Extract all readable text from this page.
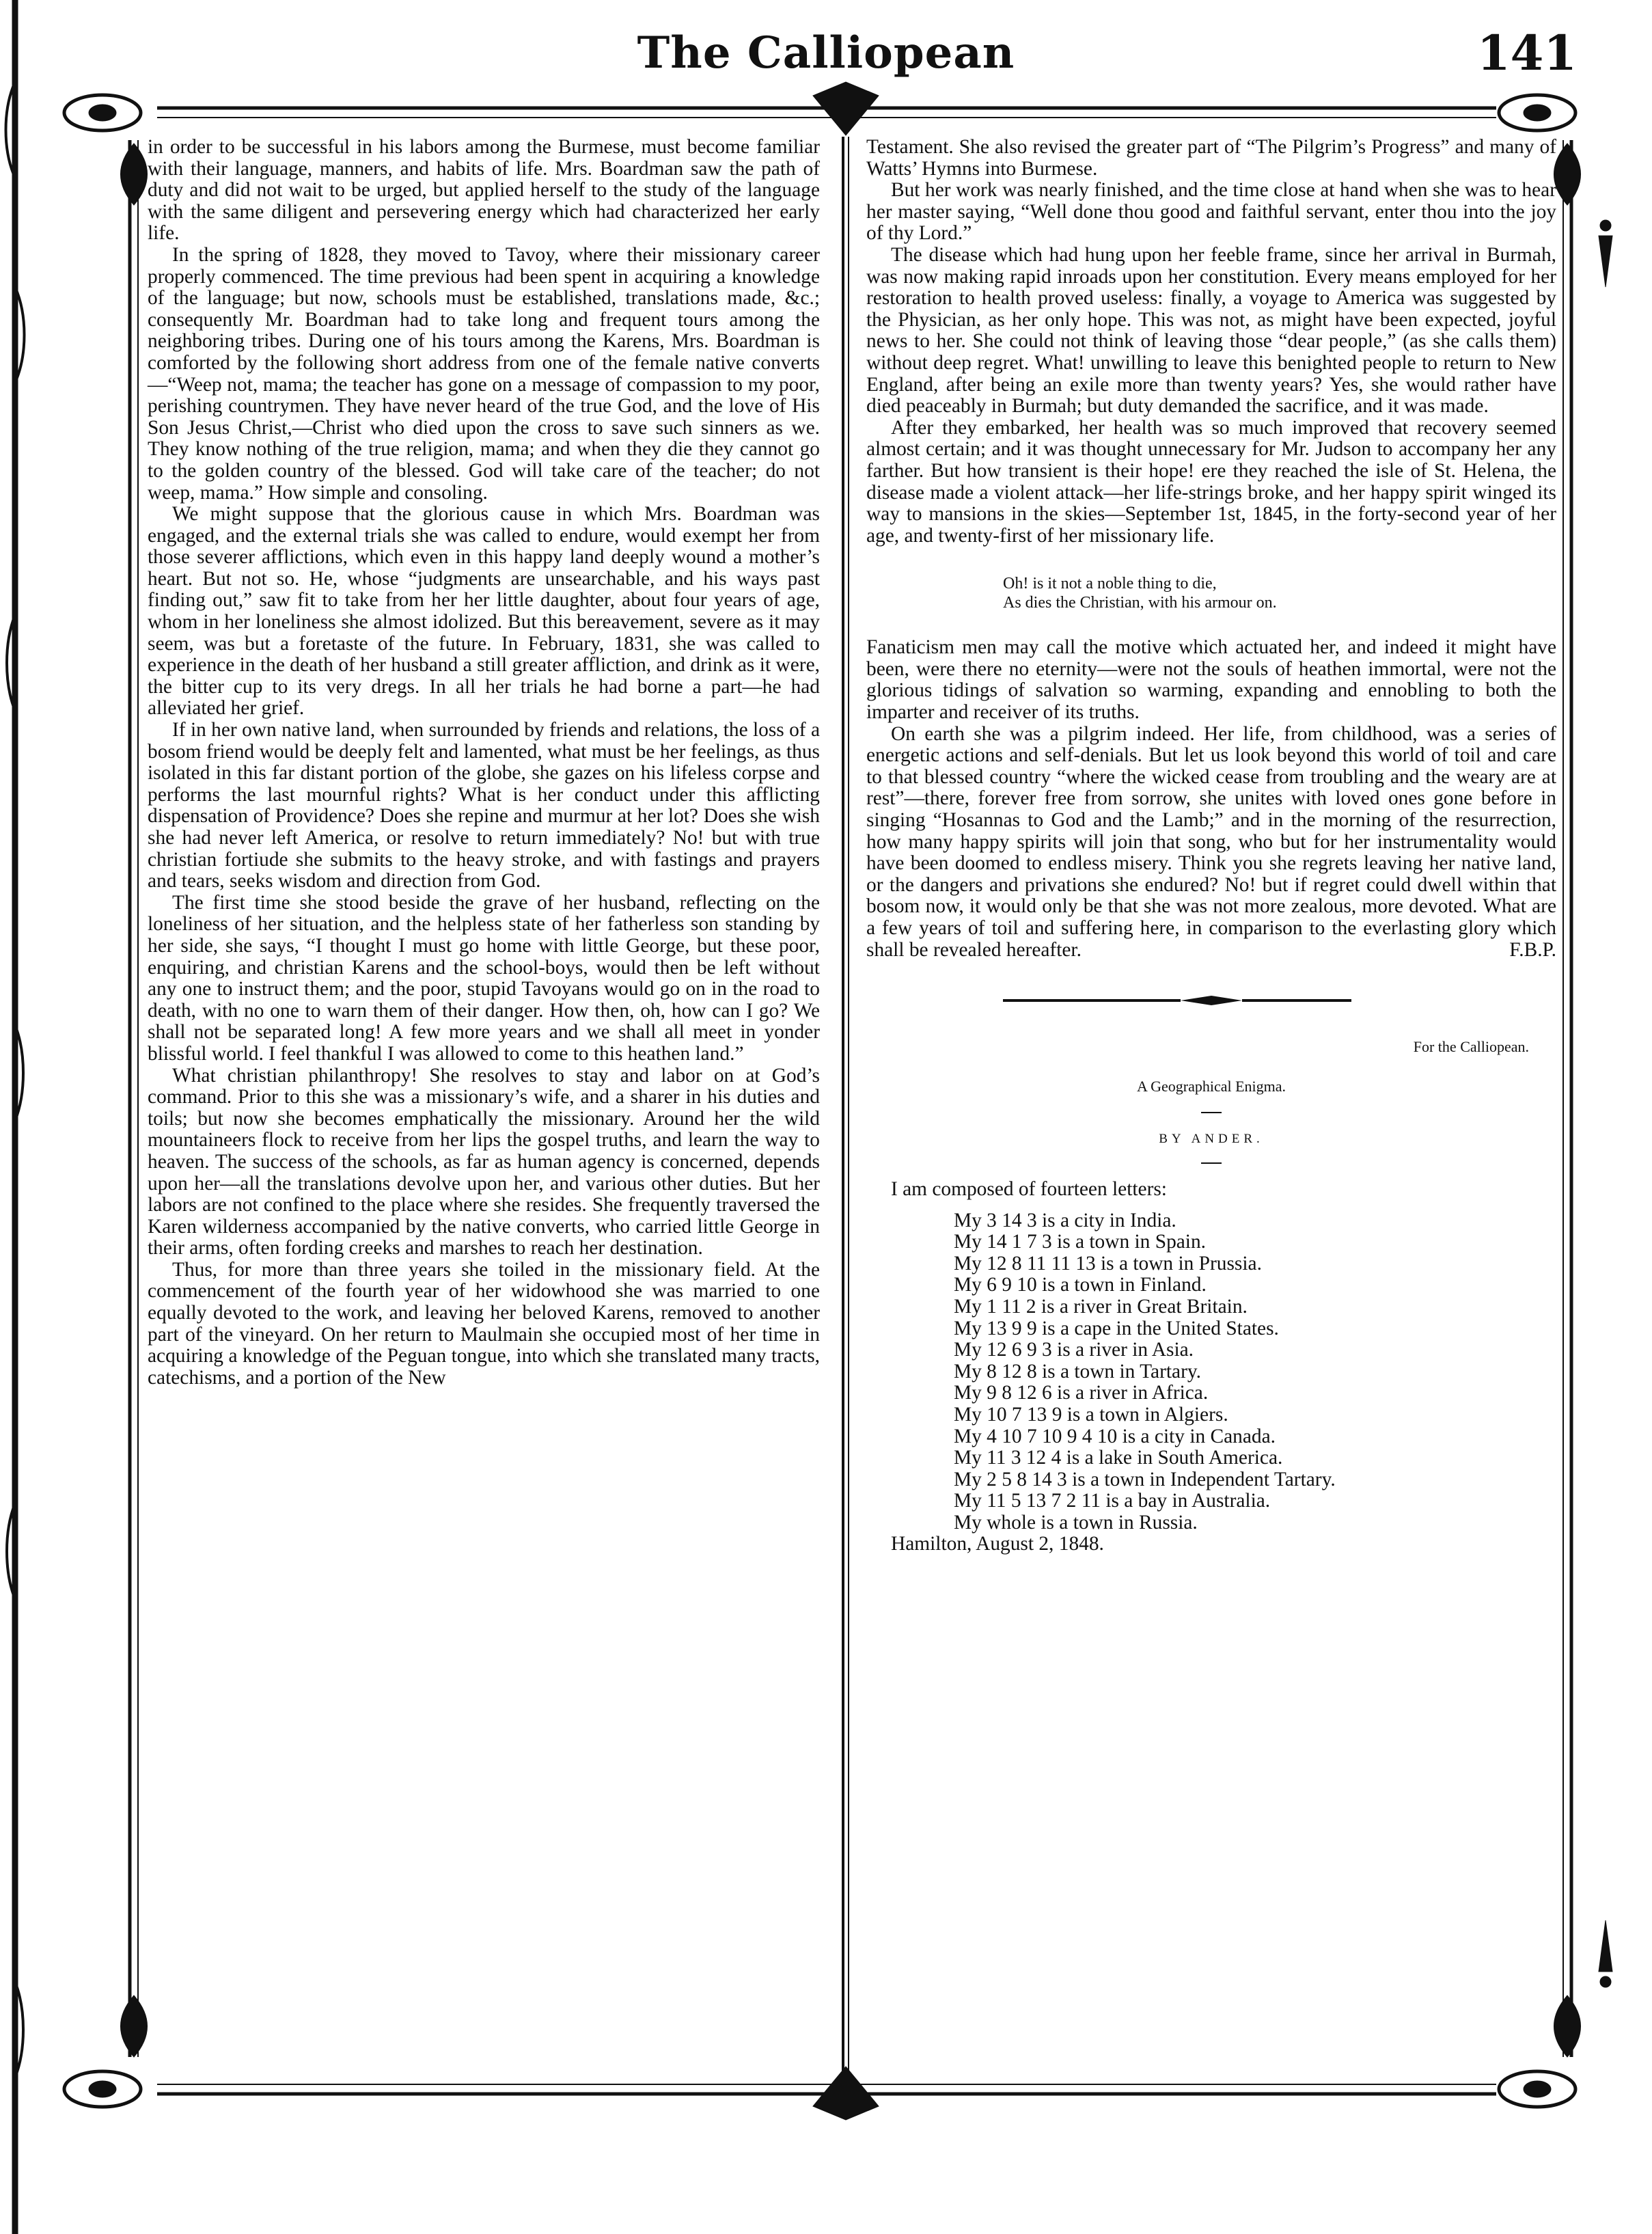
The Calliopean	141

in order to be successful in his labors among the Burmese, must become familiar with their language, manners, and habits of life. Mrs. Boardman saw the path of duty and did not wait to be urged, but applied herself to the study of the language with the same diligent and persevering energy which had characterized her early life.

In the spring of 1828, they moved to Tavoy, where their missionary career properly commenced. The time previous had been spent in acquiring a knowledge of the language; but now, schools must be established, translations made, &c.; consequently Mr. Boardman had to take long and frequent tours among the neighboring tribes. During one of his tours among the Karens, Mrs. Boardman is comforted by the following short address from one of the female native converts—“Weep not, mama; the teacher has gone on a message of compassion to my poor, perishing countrymen. They have never heard of the true God, and the love of His Son Jesus Christ,—Christ who died upon the cross to save such sinners as we. They know nothing of the true religion, mama; and when they die they cannot go to the golden country of the blessed. God will take care of the teacher; do not weep, mama.” How simple and consoling.

We might suppose that the glorious cause in which Mrs. Boardman was engaged, and the external trials she was called to endure, would exempt her from those severer afflictions, which even in this happy land deeply wound a mother’s heart. But not so. He, whose “judgments are unsearchable, and his ways past finding out,” saw fit to take from her her little daughter, about four years of age, whom in her loneliness she almost idolized. But this bereavement, severe as it may seem, was but a foretaste of the future. In February, 1831, she was called to experience in the death of her husband a still greater affliction, and drink as it were, the bitter cup to its very dregs. In all her trials he had borne a part—he had alleviated her grief.

If in her own native land, when surrounded by friends and relations, the loss of a bosom friend would be deeply felt and lamented, what must be her feelings, as thus isolated in this far distant portion of the globe, she gazes on his lifeless corpse and performs the last mournful rights? What is her conduct under this afflicting dispensation of Providence? Does she repine and murmur at her lot? Does she wish she had never left America, or resolve to return immediately? No! but with true christian fortiude she submits to the heavy stroke, and with fastings and prayers and tears, seeks wisdom and direction from God.

The first time she stood beside the grave of her husband, reflecting on the loneliness of her situation, and the helpless state of her fatherless son standing by her side, she says, “I thought I must go home with little George, but these poor, enquiring, and christian Karens and the school-boys, would then be left without any one to instruct them; and the poor, stupid Tavoyans would go on in the road to death, with no one to warn them of their danger. How then, oh, how can I go? We shall not be separated long! A few more years and we shall all meet in yonder blissful world. I feel thankful I was allowed to come to this heathen land.”

What christian philanthropy! She resolves to stay and labor on at God’s command. Prior to this she was a missionary’s wife, and a sharer in his duties and toils; but now she becomes emphatically the missionary. Around her the wild mountaineers flock to receive from her lips the gospel truths, and learn the way to heaven. The success of the schools, as far as human agency is concerned, depends upon her—all the translations devolve upon her, and various other duties. But her labors are not confined to the place where she resides. She frequently traversed the Karen wilderness accompanied by the native converts, who carried little George in their arms, often fording creeks and marshes to reach her destination.

Thus, for more than three years she toiled in the missionary field. At the commencement of the fourth year of her widowhood she was married to one equally devoted to the work, and leaving her beloved Karens, removed to another part of the vineyard. On her return to Maulmain she occupied most of her time in acquiring a knowledge of the Peguan tongue, into which she translated many tracts, catechisms, and a portion of the New

Testament. She also revised the greater part of “The Pilgrim’s Progress” and many of Watts’ Hymns into Burmese.

But her work was nearly finished, and the time close at hand when she was to hear her master saying, “Well done thou good and faithful servant, enter thou into the joy of thy Lord.”

The disease which had hung upon her feeble frame, since her arrival in Burmah, was now making rapid inroads upon her constitution. Every means employed for her restoration to health proved useless: finally, a voyage to America was suggested by the Physician, as her only hope. This was not, as might have been expected, joyful news to her. She could not think of leaving those “dear people,” (as she calls them) without deep regret. What! unwilling to leave this benighted people to return to New England, after being an exile more than twenty years? Yes, she would rather have died peaceably in Burmah; but duty demanded the sacrifice, and it was made.

After they embarked, her health was so much improved that recovery seemed almost certain; and it was thought unnecessary for Mr. Judson to accompany her any farther. But how transient is their hope! ere they reached the isle of St. Helena, the disease made a violent attack—her life-strings broke, and her happy spirit winged its way to mansions in the skies—September 1st, 1845, in the forty-second year of her age, and twenty-first of her missionary life.

Oh! is it not a noble thing to die,
As dies the Christian, with his armour on.

Fanaticism men may call the motive which actuated her, and indeed it might have been, were there no eternity—were not the souls of heathen immortal, were not the glorious tidings of salvation so warming, expanding and ennobling to both the imparter and receiver of its truths.

On earth she was a pilgrim indeed. Her life, from childhood, was a series of energetic actions and self-denials. But let us look beyond this world of toil and care to that blessed country “where the wicked cease from troubling and the weary are at rest”—there, forever free from sorrow, she unites with loved ones gone before in singing “Hosannas to God and the Lamb;” and in the morning of the resurrection, how many happy spirits will join that song, who but for her instrumentality would have been doomed to endless misery. Think you she regrets leaving her native land, or the dangers and privations she endured? No! but if regret could dwell within that bosom now, it would only be that she was not more zealous, more devoted. What are a few years of toil and suffering here, in comparison to the everlasting glory which shall be revealed hereafter.	F.B.P.

For the Calliopean.
A Geographical Enigma.
BY ANDER.

I am composed of fourteen letters:

My 3 14 3 is a city in India.
My 14 1 7 3 is a town in Spain.
My 12 8 11 11 13 is a town in Prussia.
My 6 9 10 is a town in Finland.
My 1 11 2 is a river in Great Britain.
My 13 9 9 is a cape in the United States.
My 12 6 9 3 is a river in Asia.
My 8 12 8 is a town in Tartary.
My 9 8 12 6 is a river in Africa.
My 10 7 13 9 is a town in Algiers.
My 4 10 7 10 9 4 10 is a city in Canada.
My 11 3 12 4 is a lake in South America.
My 2 5 8 14 3 is a town in Independent Tartary.
My 11 5 13 7 2 11 is a bay in Australia.
My whole is a town in Russia.

Hamilton, August 2, 1848.
